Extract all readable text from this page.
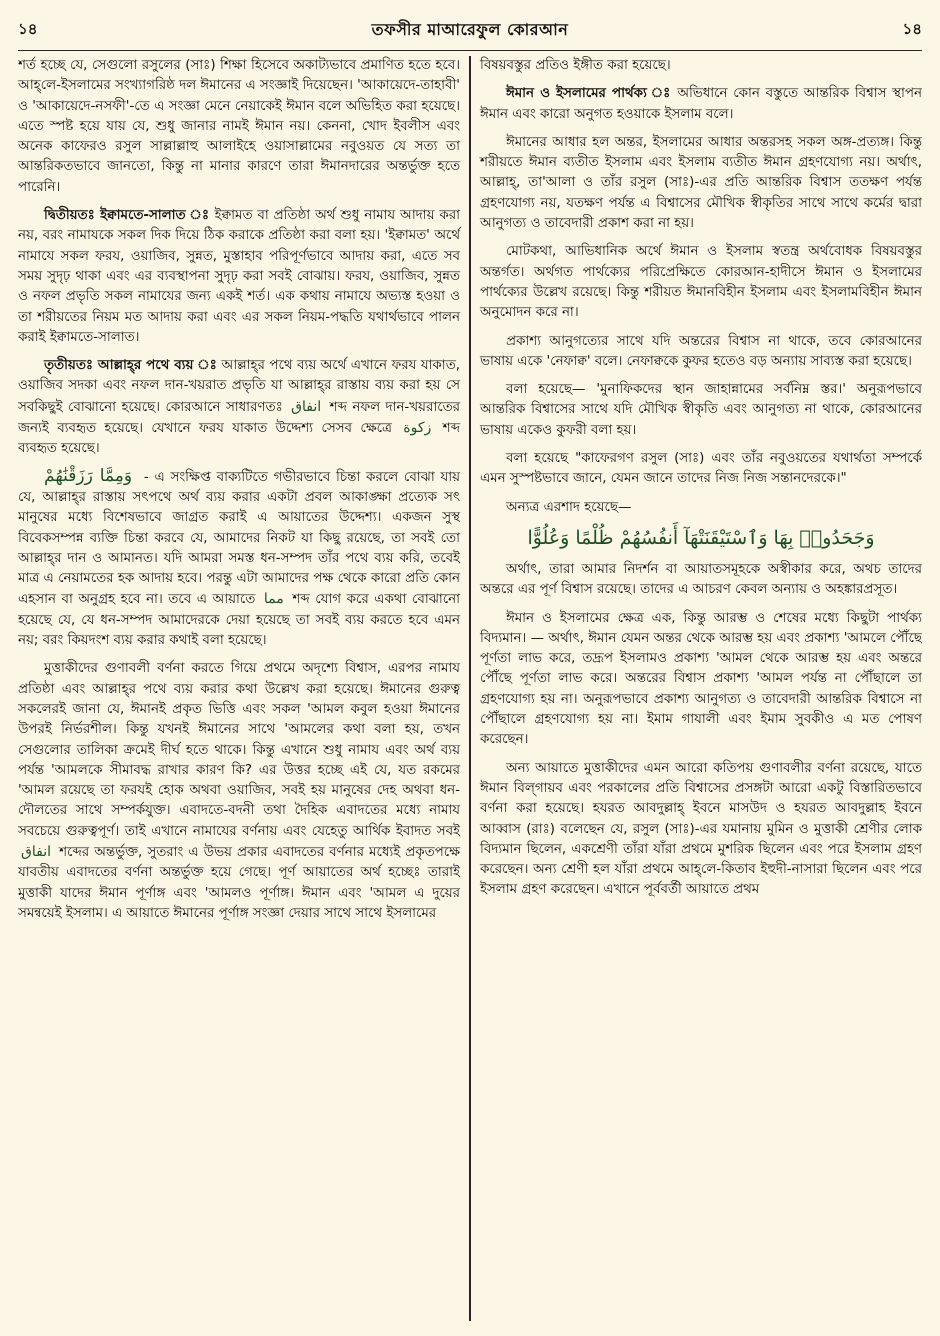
১৪	তফসীর মাআরেফুল কোরআন	১৪

শর্ত হচ্ছে যে, সেগুলো রসুলের (সাঃ) শিক্ষা হিসেবে অকাট্যভাবে প্রমাণিত হতে হবে। আহ্‌লে-ইসলামের সংখ্যাগরিষ্ঠ দল ঈমানের এ সংজ্ঞাই দিয়েছেন। 'আকায়েদে-তাহাবী' ও 'আকায়েদে-নসফী'-তে এ সংজ্ঞা মেনে নেয়াকেই ঈমান বলে অভিহিত করা হয়েছে। এতে স্পষ্ট হয়ে যায় যে, শুধু জানার নামই ঈমান নয়। কেননা, খোদ ইবলীস এবং অনেক কাফেরও রসুল সাল্লাল্লাহু আলাইহে ওয়াসাল্লামের নবুওয়ত যে সত্য তা আন্তরিকতভাবে জানতো, কিন্তু না মানার কারণে তারা ঈমানদারের অন্তর্ভুক্ত হতে পারেনি।

দ্বিতীয়তঃ ইক্বামতে-সালাত ঃ ইক্বামত বা প্রতিষ্ঠা অর্থ শুধু নামায আদায় করা নয়, বরং নামাযকে সকল দিক দিয়ে ঠিক করাকে প্রতিষ্ঠা করা বলা হয়। 'ইক্বামত' অর্থে নামাযে সকল ফরয, ওয়াজিব, সুন্নত, মুস্তাহাব পরিপূর্ণভাবে আদায় করা, এতে সব সময় সুদৃঢ় থাকা এবং এর ব্যবস্থাপনা সুদৃঢ় করা সবই বোঝায়। ফরয, ওয়াজিব, সুন্নত ও নফল প্রভৃতি সকল নামাযের জন্য একই শর্ত। এক কথায় নামাযে অভ্যস্ত হওয়া ও তা শরীয়তের নিয়ম মত আদায় করা এবং এর সকল নিয়ম-পদ্ধতি যথার্থভাবে পালন করাই ইক্বামতে-সালাত।

তৃতীয়তঃ আল্লাহ্‌র পথে ব্যয় ঃ আল্লাহ্‌র পথে ব্যয় অর্থে এখানে ফরয যাকাত, ওয়াজিব সদকা এবং নফল দান-খয়রাত প্রভৃতি যা আল্লাহ্‌র রাস্তায় ব্যয় করা হয় সে সবকিছুই বোঝানো হয়েছে। কোরআনে সাধারণতঃ انفاق শব্দ নফল দান-খয়রাতের জন্যই ব্যবহৃত হয়েছে। যেখানে ফরয যাকাত উদ্দেশ্য সেসব ক্ষেত্রে زكوة শব্দ ব্যবহৃত হয়েছে।

وَمِمَّا رَزَقْنَٰهُمْ - এ সংক্ষিপ্ত বাক্যটিতে গভীরভাবে চিন্তা করলে বোঝা যায় যে, আল্লাহ্‌র রাস্তায় সৎপথে অর্থ ব্যয় করার একটা প্রবল আকাঙ্ক্ষা প্রত্যেক সৎ মানুষের মধ্যে বিশেষভাবে জাগ্রত করাই এ আয়াতের উদ্দেশ্য। একজন সুস্থ বিবেকসম্পন্ন ব্যক্তি চিন্তা করবে যে, আমাদের নিকট যা কিছু রয়েছে, তা সবই তো আল্লাহ্‌র দান ও আমানত। যদি আমরা সমস্ত ধন-সম্পদ তাঁর পথে ব্যয় করি, তবেই মাত্র এ নেয়ামতের হক আদায় হবে। পরন্তু এটা আমাদের পক্ষ থেকে কারো প্রতি কোন এহসান বা অনুগ্রহ হবে না। তবে এ আয়াতে مما শব্দ যোগ করে একথা বোঝানো হয়েছে যে, যে ধন-সম্পদ আমাদেরকে দেয়া হয়েছে তা সবই ব্যয় করতে হবে এমন নয়; বরং কিয়দংশ ব্যয় করার কথাই বলা হয়েছে।

মুত্তাকীদের গুণাবলী বর্ণনা করতে গিয়ে প্রথমে অদৃশ্যে বিশ্বাস, এরপর নামায প্রতিষ্ঠা এবং আল্লাহ্‌র পথে ব্যয় করার কথা উল্লেখ করা হয়েছে। ঈমানের গুরুত্ব সকলেরই জানা যে, ঈমানই প্রকৃত ভিত্তি এবং সকল 'আমল কবুল হওয়া ঈমানের উপরই নির্ভরশীল। কিন্তু যখনই ঈমানের সাথে 'আমলের কথা বলা হয়, তখন সেগুলোর তালিকা ক্রমেই দীর্ঘ হতে থাকে। কিন্তু এখানে শুধু নামায এবং অর্থ ব্যয় পর্যন্ত 'আমলকে সীমাবদ্ধ রাখার কারণ কি? এর উত্তর হচ্ছে এই যে, যত রকমের 'আমল রয়েছে তা ফরযই হোক অথবা ওয়াজিব, সবই হয় মানুষের দেহ অথবা ধন-দৌলতের সাথে সম্পর্কযুক্ত। এবাদতে-বদনী তথা দৈহিক এবাদতের মধ্যে নামায সবচেয়ে গুরুত্বপূর্ণ। তাই এখানে নামাযের বর্ণনায় এবং যেহেতু আর্থিক ইবাদত সবই انفاق শব্দের অন্তর্ভুক্ত, সুতরাং এ উভয় প্রকার এবাদতের বর্ণনার মধ্যেই প্রকৃতপক্ষে যাবতীয় এবাদতের বর্ণনা অন্তর্ভুক্ত হয়ে গেছে। পূর্ণ আয়াতের অর্থ হচ্ছেঃ তারাই মুত্তাকী যাদের ঈমান পূর্ণাঙ্গ এবং 'আমলও পূর্ণাঙ্গ। ঈমান এবং 'আমল এ দুয়ের সমন্বয়েই ইসলাম। এ আয়াতে ঈমানের পূর্ণাঙ্গ সংজ্ঞা দেয়ার সাথে সাথে ইসলামের

বিষয়বস্তুর প্রতিও ইঙ্গীত করা হয়েছে।

ঈমান ও ইসলামের পার্থক্য ঃ অভিধানে কোন বস্তুতে আন্তরিক বিশ্বাস স্থাপন ঈমান এবং কারো অনুগত হওয়াকে ইসলাম বলে।

ঈমানের আধার হল অন্তর, ইসলামের আধার অন্তরসহ সকল অঙ্গ-প্রত্যঙ্গ। কিন্তু শরীয়তে ঈমান ব্যতীত ইসলাম এবং ইসলাম ব্যতীত ঈমান গ্রহণযোগ্য নয়। অর্থাৎ, আল্লাহ্‌, তা'আলা ও তাঁর রসুল (সাঃ)-এর প্রতি আন্তরিক বিশ্বাস ততক্ষণ পর্যন্ত গ্রহণযোগ্য নয়, যতক্ষণ পর্যন্ত এ বিশ্বাসের মৌখিক স্বীকৃতির সাথে সাথে কর্মের দ্বারা আনুগত্য ও তাবেদারী প্রকাশ করা না হয়।

মোটকথা, আভিধানিক অর্থে ঈমান ও ইসলাম স্বতন্ত্র অর্থবোধক বিষয়বস্তুর অন্তর্গত। অর্থগত পার্থক্যের পরিপ্রেক্ষিতে কোরআন-হাদীসে ঈমান ও ইসলামের পার্থক্যের উল্লেখ রয়েছে। কিন্তু শরীয়ত ঈমানবিহীন ইসলাম এবং ইসলামবিহীন ঈমান অনুমোদন করে না।

প্রকাশ্য আনুগত্যের সাথে যদি অন্তরের বিশ্বাস না থাকে, তবে কোরআনের ভাষায় একে 'নেফাক্ব' বলে। নেফাক্বকে কুফর হতেও বড় অন্যায় সাব্যস্ত করা হয়েছে।

বলা হয়েছে— 'মুনাফিকদের স্থান জাহান্নামের সর্বনিম্ন স্তর।' অনুরূপভাবে আন্তরিক বিশ্বাসের সাথে যদি মৌখিক স্বীকৃতি এবং আনুগত্য না থাকে, কোরআনের ভাষায় একেও কুফরী বলা হয়।

বলা হয়েছে "কাফেরগণ রসুল (সাঃ) এবং তাঁর নবুওয়তের যথার্থতা সম্পর্কে এমন সুস্পষ্টভাবে জানে, যেমন জানে তাদের নিজ নিজ সন্তানদেরকে।"

অন্যত্র এরশাদ হয়েছে—

وَجَحَدُوا۟ بِهَا وَٱسْتَيْقَنَتْهَآ أَنفُسُهُمْ ظُلْمًا وَعُلُوًّا

অর্থাৎ, তারা আমার নিদর্শন বা আয়াতসমূহকে অস্বীকার করে, অথচ তাদের অন্তরে এর পূর্ণ বিশ্বাস রয়েছে। তাদের এ আচরণ কেবল অন্যায় ও অহঙ্কারপ্রসূত।

ঈমান ও ইসলামের ক্ষেত্র এক, কিন্তু আরম্ভ ও শেষের মধ্যে কিছুটা পার্থক্য বিদ্যমান। — অর্থাৎ, ঈমান যেমন অন্তর থেকে আরম্ভ হয় এবং প্রকাশ্য 'আমলে পৌঁছে পূর্ণতা লাভ করে, তদ্রূপ ইসলামও প্রকাশ্য 'আমল থেকে আরম্ভ হয় এবং অন্তরে পৌঁছে পূর্ণতা লাভ করে। অন্তরের বিশ্বাস প্রকাশ্য 'আমল পর্যন্ত না পৌঁছালে তা গ্রহণযোগ্য হয় না। অনুরূপভাবে প্রকাশ্য আনুগত্য ও তাবেদারী আন্তরিক বিশ্বাসে না পৌঁছালে গ্রহণযোগ্য হয় না। ইমাম গাযালী এবং ইমাম সুবকীও এ মত পোষণ করেছেন।

অন্য আয়াতে মুত্তাকীদের এমন আরো কতিপয় গুণাবলীর বর্ণনা রয়েছে, যাতে ঈমান বিল্‌গায়ব এবং পরকালের প্রতি বিশ্বাসের প্রসঙ্গটা আরো একটু বিস্তারিতভাবে বর্ণনা করা হয়েছে। হযরত আবদুল্লাহ্‌ ইবনে মাসউদ ও হযরত আবদুল্লাহ ইবনে আব্বাস (রাঃ) বলেছেন যে, রসুল (সাঃ)-এর যমানায় মুমিন ও মুত্তাকী শ্রেণীর লোক বিদ্যমান ছিলেন, একশ্রেণী তাঁরা যাঁরা প্রথমে মুশরিক ছিলেন এবং পরে ইসলাম গ্রহণ করেছেন। অন্য শ্রেণী হল যাঁরা প্রথমে আহ্‌লে-কিতাব ইহুদী-নাসারা ছিলেন এবং পরে ইসলাম গ্রহণ করেছেন। এখানে পূর্ববর্তী আয়াতে প্রথম
